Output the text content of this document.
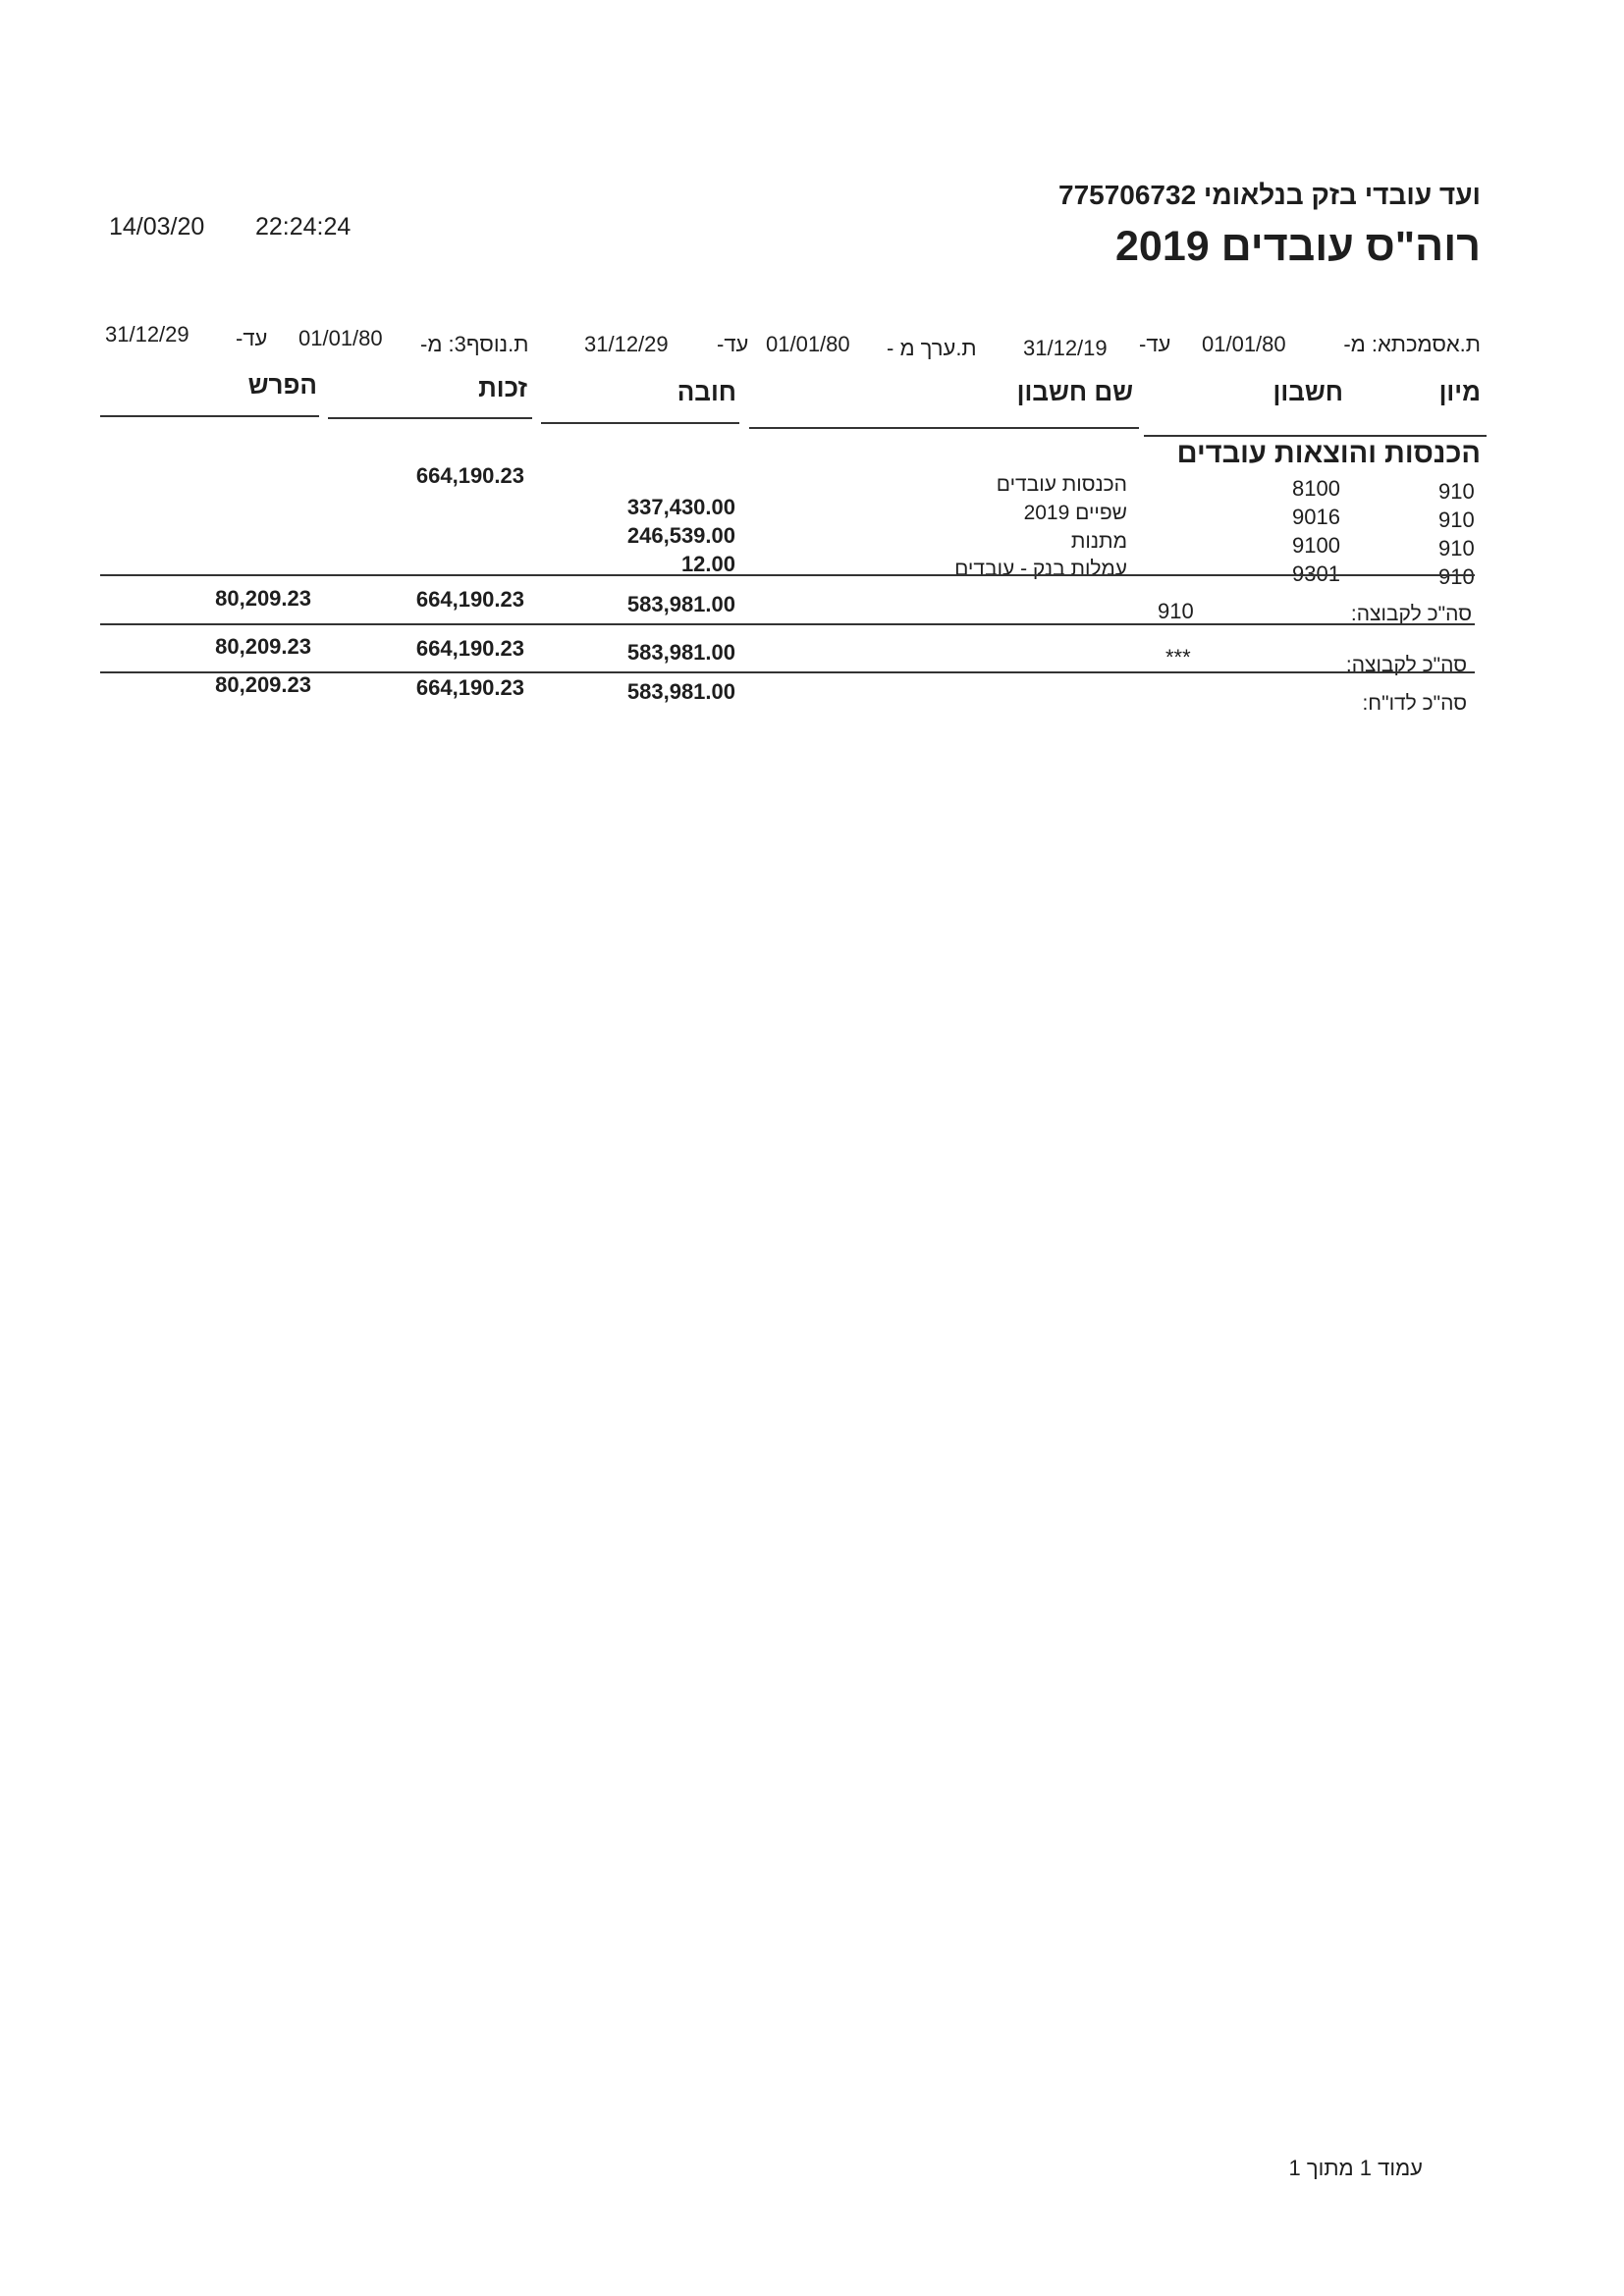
ועד עובדי בזק בנלאומי 775706732
רוה"ס עובדים 2019
14/03/20 22:24:24
ת.אסמכתא: מ-
01/01/80
עד-
31/12/19
ת.ערך מ -
01/01/80
עד-
31/12/29
ת.נוסף3: מ-
01/01/80
עד-
31/12/29
מיון
חשבון
שם חשבון
חובה
זכות
הפרש
הכנסות והוצאות עובדים
910
8100
הכנסות עובדים
664,190.23
910
9016
שפיים 2019
337,430.00
910
9100
מתנות
246,539.00
910
9301
עמלות בנק - עובדים
12.00
סה"כ לקבוצה:
910
583,981.00
664,190.23
80,209.23
סה"כ לקבוצה:
***
583,981.00
664,190.23
80,209.23
סה"כ לדו"ח:
583,981.00
664,190.23
80,209.23
עמוד 1 מתוך 1
